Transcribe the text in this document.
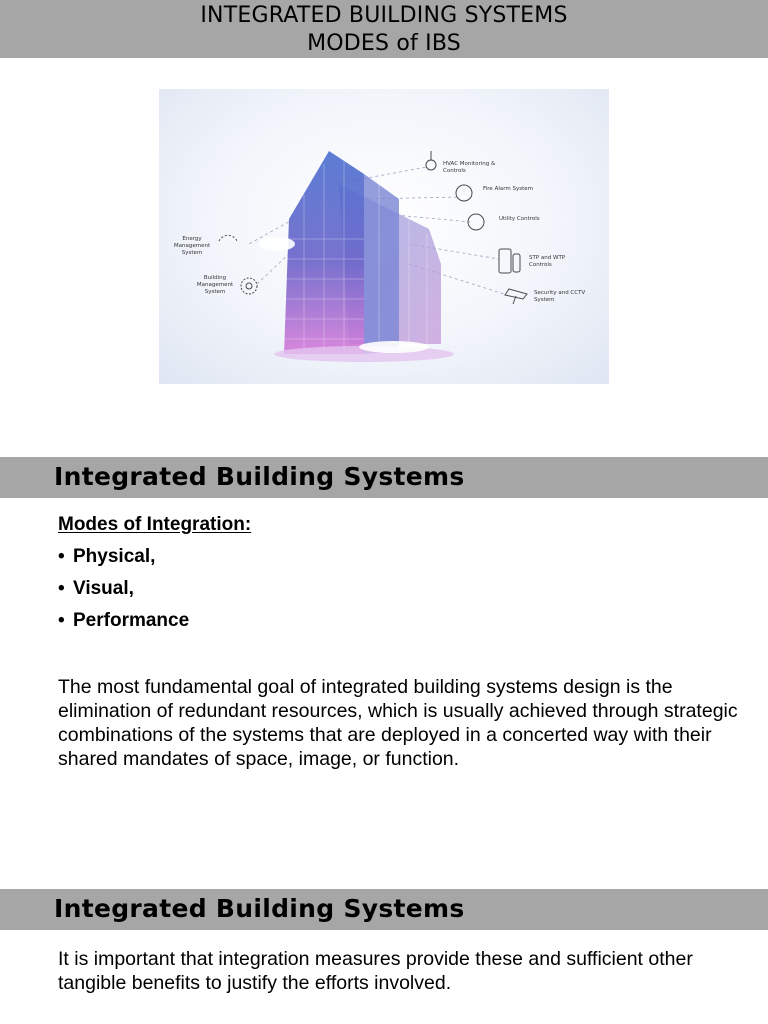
INTEGRATED BUILDING SYSTEMS
MODES of IBS
HVAC Monitoring & Controls
Fire Alarm System
Utility Controls
STP and WTP Controls
Security and CCTV System
Energy Management System
Building Management System
Integrated Building Systems
Modes of Integration:
• Physical,
• Visual,
• Performance
The most fundamental goal of integrated building systems design is the elimination of redundant resources, which is usually achieved through strategic combinations of the systems that are deployed in a concerted way with their shared mandates of space, image, or function.
Integrated Building Systems
It is important that integration measures provide these and sufficient other tangible benefits to justify the efforts involved.
